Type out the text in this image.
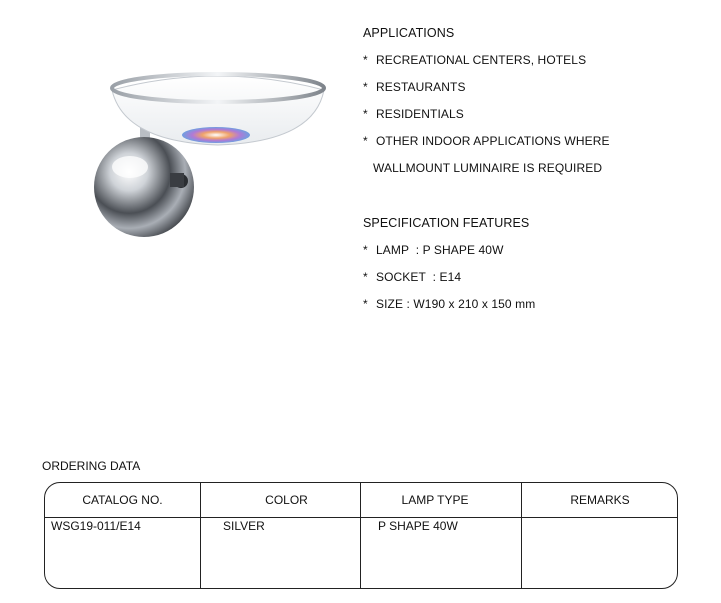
APPLICATIONS
* RECREATIONAL CENTERS, HOTELS
* RESTAURANTS
* RESIDENTIALS
* OTHER INDOOR APPLICATIONS WHERE
WALLMOUNT LUMINAIRE IS REQUIRED
SPECIFICATION FEATURES
* LAMP  : P SHAPE 40W
* SOCKET  : E14
* SIZE : W190 x 210 x 150 mm
ORDERING DATA
CATALOG NO.	COLOR	LAMP TYPE	REMARKS
WSG19-011/E14	SILVER	P SHAPE 40W
